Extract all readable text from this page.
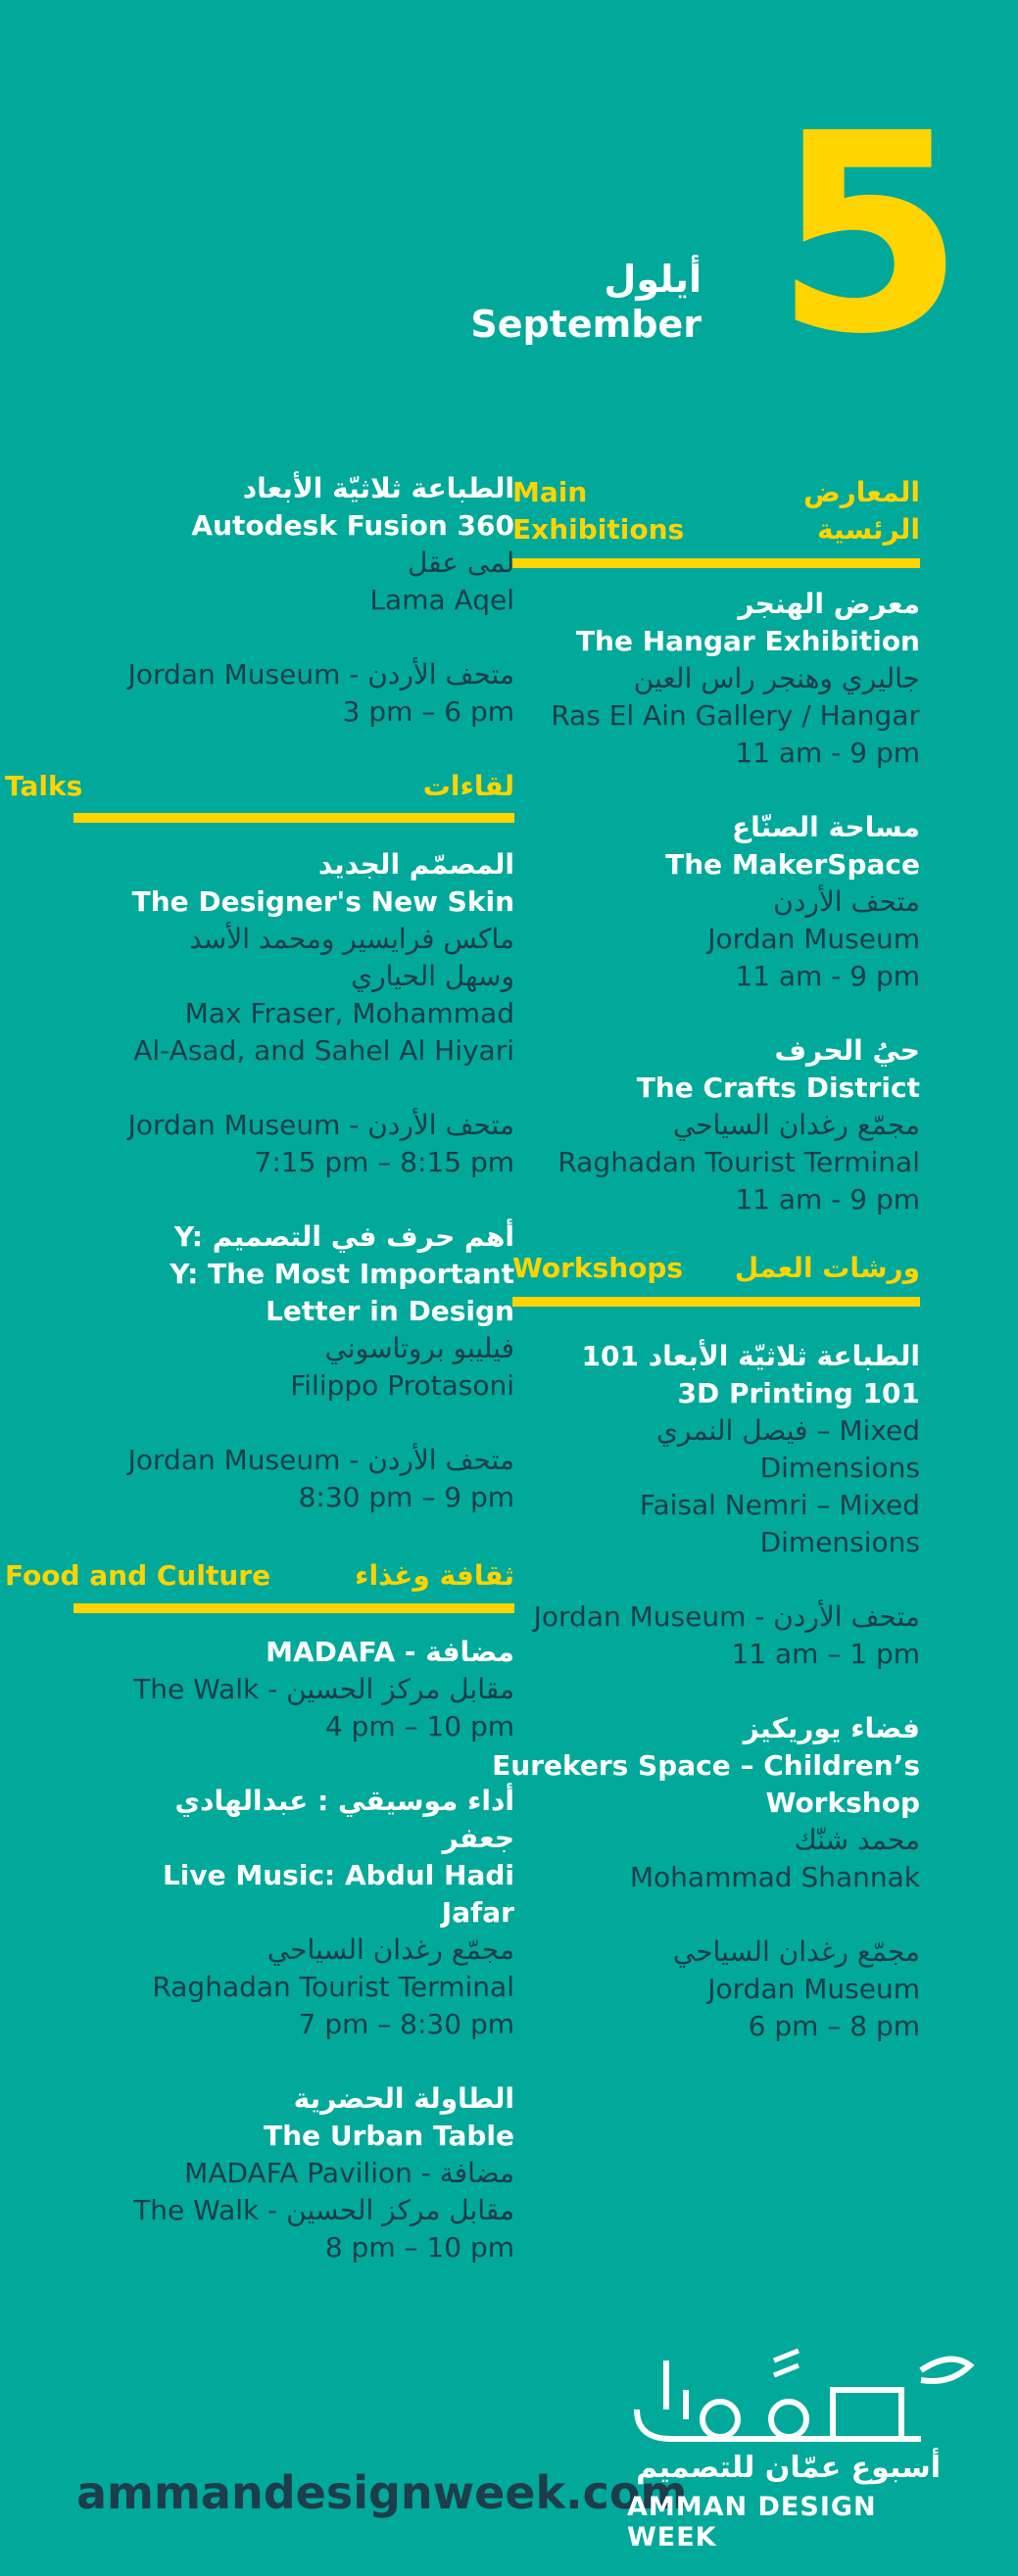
5
أيلول
September
Main
Exhibitions
المعارض
الرئسية
معرض الهنجر
The Hangar Exhibition
جاليري وهنجر راس العين
Ras El Ain Gallery / Hangar
11 am - 9 pm
مساحة الصنّاع
The MakerSpace
متحف الأردن
Jordan Museum
11 am - 9 pm
حيُ الحرف
The Crafts District
مجمّع رغدان السياحي
Raghadan Tourist Terminal
11 am - 9 pm
Workshops ورشات العمل
الطباعة ثلاثيّة الأبعاد 101
3D Printing 101
فيصل النمري – Mixed Dimensions
Faisal Nemri – Mixed Dimensions
Jordan Museum - متحف الأردن
11 am – 1 pm
فضاء يوريكيز
Eurekers Space – Children’s
Workshop
محمد شنّك
Mohammad Shannak
مجمّع رغدان السياحي
Jordan Museum
6 pm – 8 pm
الطباعة ثلاثيّة الأبعاد
Autodesk Fusion 360
لمى عقل
Lama Aqel
Jordan Museum - متحف الأردن
3 pm – 6 pm
Talks	لقاءات
المصمّم الجديد
The Designer's New Skin
ماكس فرايسير ومحمد الأسد
وسهل الحياري
Max Fraser, Mohammad
Al-Asad, and Sahel Al Hiyari
Jordan Museum - متحف الأردن
7:15 pm – 8:15 pm
Y: أهم حرف في التصميم
Y: The Most Important
Letter in Design
فيليبو بروتاسوني
Filippo Protasoni
Jordan Museum - متحف الأردن
8:30 pm – 9 pm
Food and Culture	ثقافة وغذاء
MADAFA - مضافة
The Walk - مقابل مركز الحسين
4 pm – 10 pm
أداء موسيقي : عبدالهادي
جعفر
Live Music: Abdul Hadi
Jafar
مجمّع رغدان السياحي
Raghadan Tourist Terminal
7 pm – 8:30 pm
الطاولة الحضرية
The Urban Table
MADAFA Pavilion - مضافة
The Walk - مقابل مركز الحسين
8 pm – 10 pm
ammandesignweek.com
أسبوع عمّان للتصميم
AMMAN DESIGN WEEK
